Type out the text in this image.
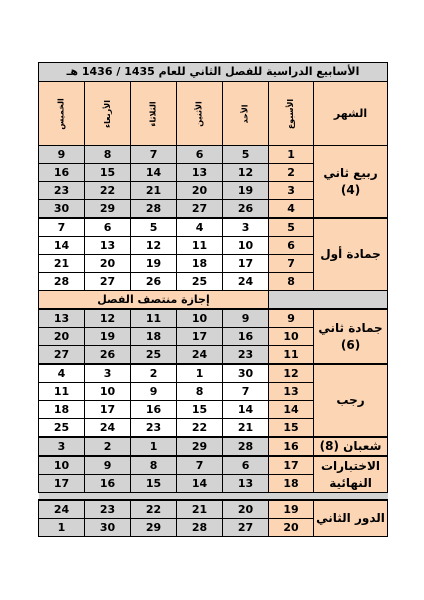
الأسابيع الدراسية للفصل الثاني للعام 1435 / 1436 هـ						
الشهر	الأسبوع	الأحد	الأثنين	الثلاثاء	الأربعاء	الخميس

ربيع ثاني
(4)	1	5	6	7	8	9
	2	12	13	14	15	16
	3	19	20	21	22	23
	4	26	27	28	29	30

جمادة أول	5	3	4	5	6	7
	6	10	11	12	13	14
	7	17	18	19	20	21
	8	24	25	26	27	28
		إجازة منتصف الفصل				

جمادة ثاني
(6)	9	9	10	11	12	13
	10	16	17	18	19	20
	11	23	24	25	26	27

رجب	12	30	1	2	3	4
	13	7	8	9	10	11
	14	14	15	16	17	18
	15	21	22	23	24	25

شعبان (8)	16	28	29	1	2	3

الاختبارات النهائية	17	6	7	8	9	10
	18	13	14	15	16	17

الدور الثاني	19	20	21	22	23	24
	20	27	28	29	30	1
